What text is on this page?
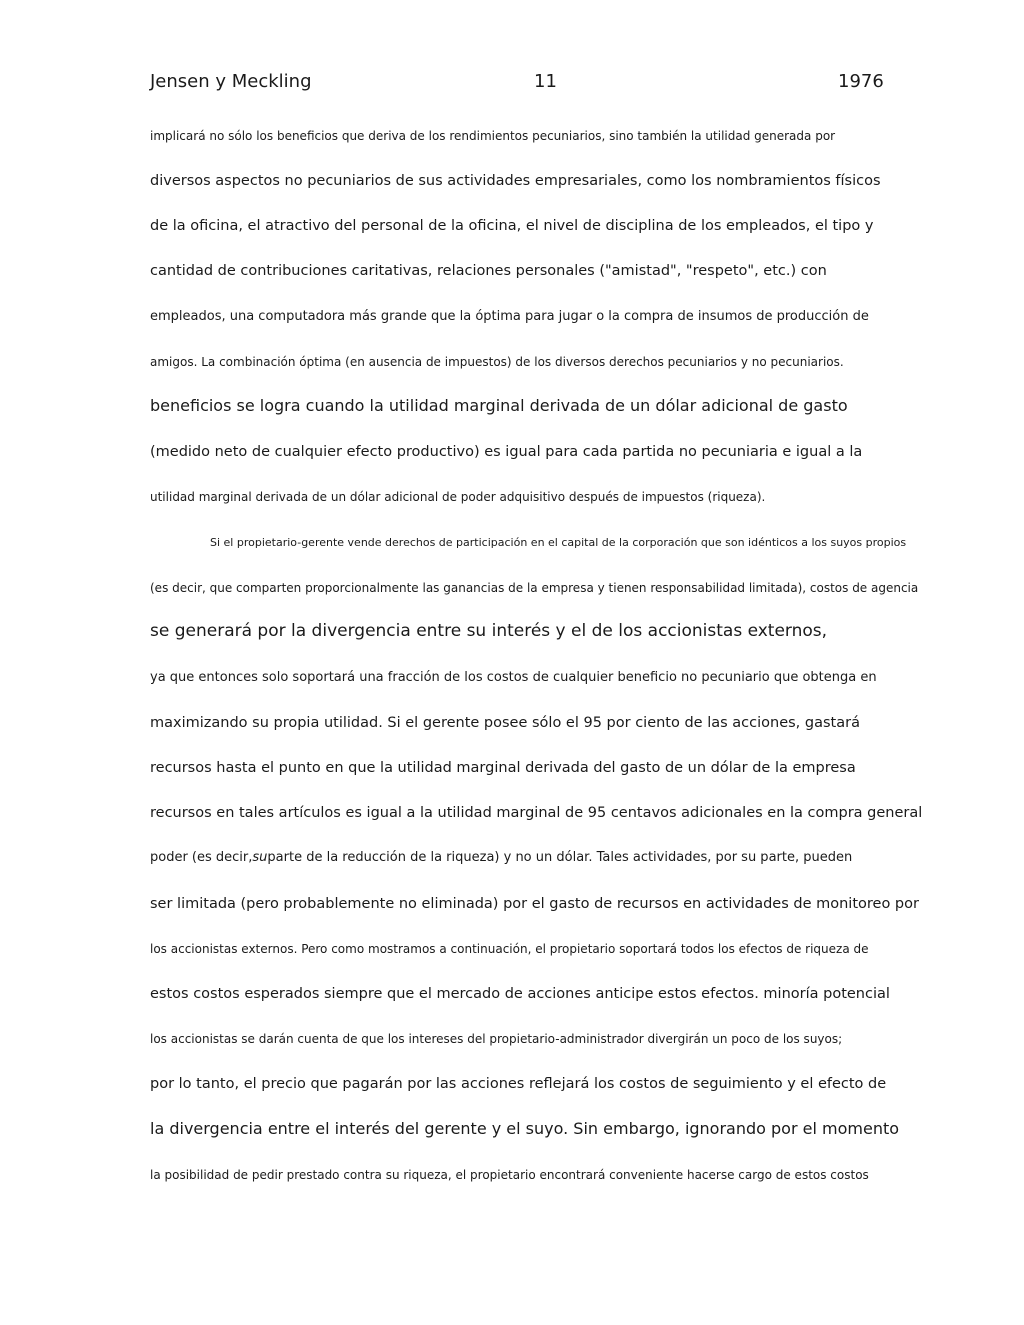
Jensen y Meckling	11	1976
implicará no sólo los beneficios que deriva de los rendimientos pecuniarios, sino también la utilidad generada por
diversos aspectos no pecuniarios de sus actividades empresariales, como los nombramientos físicos
de la oficina, el atractivo del personal de la oficina, el nivel de disciplina de los empleados, el tipo y
cantidad de contribuciones caritativas, relaciones personales ("amistad", "respeto", etc.) con
empleados, una computadora más grande que la óptima para jugar o la compra de insumos de producción de
amigos. La combinación óptima (en ausencia de impuestos) de los diversos derechos pecuniarios y no pecuniarios.
beneficios se logra cuando la utilidad marginal derivada de un dólar adicional de gasto
(medido neto de cualquier efecto productivo) es igual para cada partida no pecuniaria e igual a la
utilidad marginal derivada de un dólar adicional de poder adquisitivo después de impuestos (riqueza).
Si el propietario-gerente vende derechos de participación en el capital de la corporación que son idénticos a los suyos propios
(es decir, que comparten proporcionalmente las ganancias de la empresa y tienen responsabilidad limitada), costos de agencia
se generará por la divergencia entre su interés y el de los accionistas externos,
ya que entonces solo soportará una fracción de los costos de cualquier beneficio no pecuniario que obtenga en
maximizando su propia utilidad. Si el gerente posee sólo el 95 por ciento de las acciones, gastará
recursos hasta el punto en que la utilidad marginal derivada del gasto de un dólar de la empresa
recursos en tales artículos es igual a la utilidad marginal de 95 centavos adicionales en la compra general
poder (es decir,suparte de la reducción de la riqueza) y no un dólar. Tales actividades, por su parte, pueden
ser limitada (pero probablemente no eliminada) por el gasto de recursos en actividades de monitoreo por
los accionistas externos. Pero como mostramos a continuación, el propietario soportará todos los efectos de riqueza de
estos costos esperados siempre que el mercado de acciones anticipe estos efectos. minoría potencial
los accionistas se darán cuenta de que los intereses del propietario-administrador divergirán un poco de los suyos;
por lo tanto, el precio que pagarán por las acciones reflejará los costos de seguimiento y el efecto de
la divergencia entre el interés del gerente y el suyo. Sin embargo, ignorando por el momento
la posibilidad de pedir prestado contra su riqueza, el propietario encontrará conveniente hacerse cargo de estos costos
